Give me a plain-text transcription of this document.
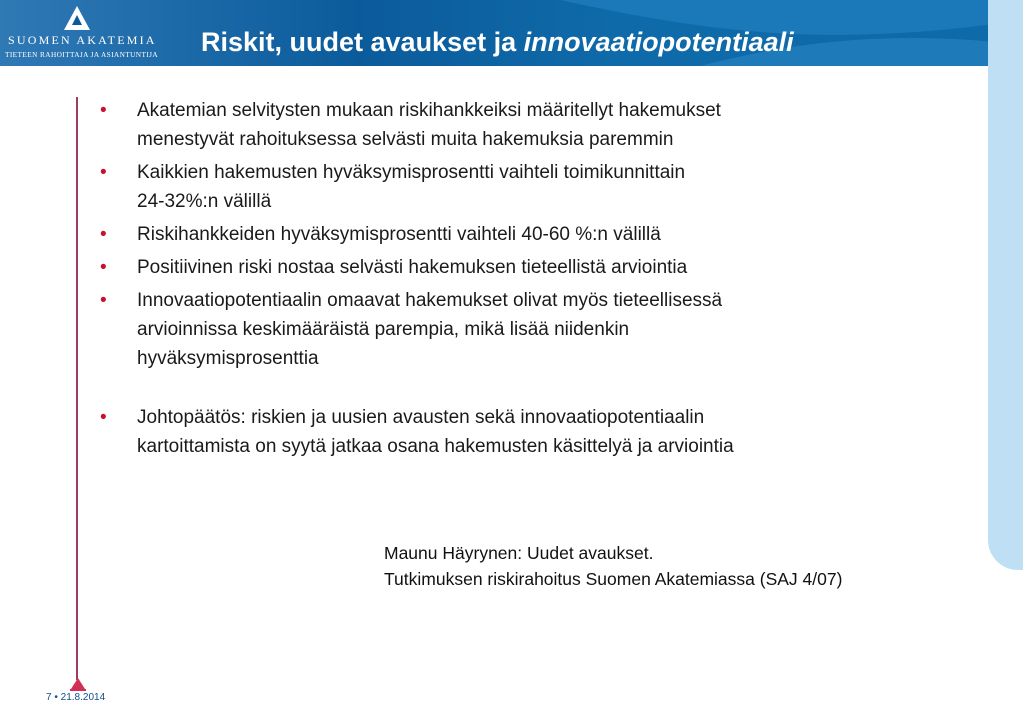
SUOMEN AKATEMIA
TIETEEN RAHOITTAJA JA ASIANTUNTIJA	Riskit, uudet avaukset ja innovaatiopotentiaali
• Akatemian selvitysten mukaan riskihankkeiksi määritellyt hakemukset
menestyvät rahoituksessa selvästi muita hakemuksia paremmin
• Kaikkien hakemusten hyväksymisprosentti vaihteli toimikunnittain
24-32%:n välillä
• Riskihankkeiden hyväksymisprosentti vaihteli 40-60 %:n välillä
• Positiivinen riski nostaa selvästi hakemuksen tieteellistä arviointia
• Innovaatiopotentiaalin omaavat hakemukset olivat myös tieteellisessä
arvioinnissa keskimääräistä parempia, mikä lisää niidenkin
hyväksymisprosenttia
• Johtopäätös: riskien ja uusien avausten sekä innovaatiopotentiaalin
kartoittamista on syytä jatkaa osana hakemusten käsittelyä ja arviointia
Maunu Häyrynen: Uudet avaukset.
Tutkimuksen riskirahoitus Suomen Akatemiassa (SAJ 4/07)
7 • 21.8.2014
